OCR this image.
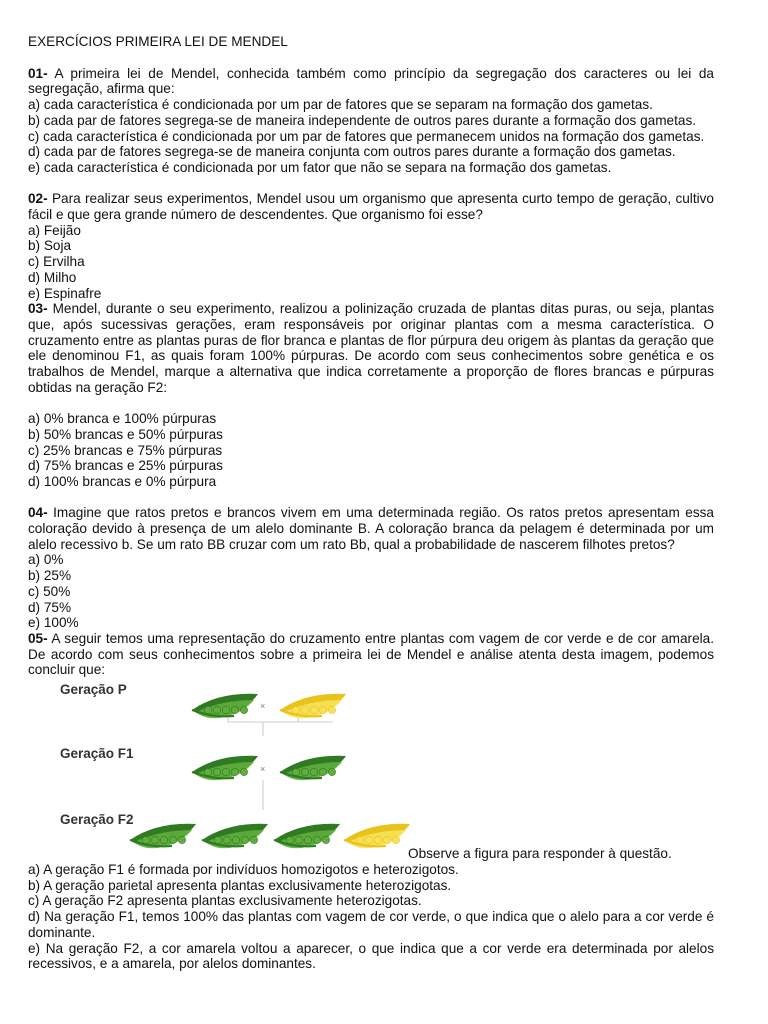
EXERCÍCIOS PRIMEIRA LEI DE MENDEL

01- A primeira lei de Mendel, conhecida também como princípio da segregação dos caracteres ou lei da segregação, afirma que:

a) cada característica é condicionada por um par de fatores que se separam na formação dos gametas.

b) cada par de fatores segrega-se de maneira independente de outros pares durante a formação dos gametas.

c) cada característica é condicionada por um par de fatores que permanecem unidos na formação dos gametas.

d) cada par de fatores segrega-se de maneira conjunta com outros pares durante a formação dos gametas.

e) cada característica é condicionada por um fator que não se separa na formação dos gametas.

02- Para realizar seus experimentos, Mendel usou um organismo que apresenta curto tempo de geração, cultivo fácil e que gera grande número de descendentes. Que organismo foi esse?

a) Feijão

b) Soja

c) Ervilha

d) Milho

e) Espinafre

03- Mendel, durante o seu experimento, realizou a polinização cruzada de plantas ditas puras, ou seja, plantas que, após sucessivas gerações, eram responsáveis por originar plantas com a mesma característica. O cruzamento entre as plantas puras de flor branca e plantas de flor púrpura deu origem às plantas da geração que ele denominou F1, as quais foram 100% púrpuras. De acordo com seus conhecimentos sobre genética e os trabalhos de Mendel, marque a alternativa que indica corretamente a proporção de flores brancas e púrpuras obtidas na geração F2:

a) 0% branca e 100% púrpuras

b) 50% brancas e 50% púrpuras

c) 25% brancas e 75% púrpuras

d) 75% brancas e 25% púrpuras

d) 100% brancas e 0% púrpura

04- Imagine que ratos pretos e brancos vivem em uma determinada região. Os ratos pretos apresentam essa coloração devido à presença de um alelo dominante B. A coloração branca da pelagem é determinada por um alelo recessivo b. Se um rato BB cruzar com um rato Bb, qual a probabilidade de nascerem filhotes pretos?

a) 0%

b) 25%

c) 50%

d) 75%

e) 100%

05- A seguir temos uma representação do cruzamento entre plantas com vagem de cor verde e de cor amarela. De acordo com seus conhecimentos sobre a primeira lei de Mendel e análise atenta desta imagem, podemos concluir que:

Geração P
Geração F1
Geração F2
×
×
Observe a figura para responder à questão.

a) A geração F1 é formada por indivíduos homozigotos e heterozigotos.

b) A geração parietal apresenta plantas exclusivamente heterozigotas.

c) A geração F2 apresenta plantas exclusivamente heterozigotas.

d) Na geração F1, temos 100% das plantas com vagem de cor verde, o que indica que o alelo para a cor verde é dominante.

e) Na geração F2, a cor amarela voltou a aparecer, o que indica que a cor verde era determinada por alelos recessivos, e a amarela, por alelos dominantes.
